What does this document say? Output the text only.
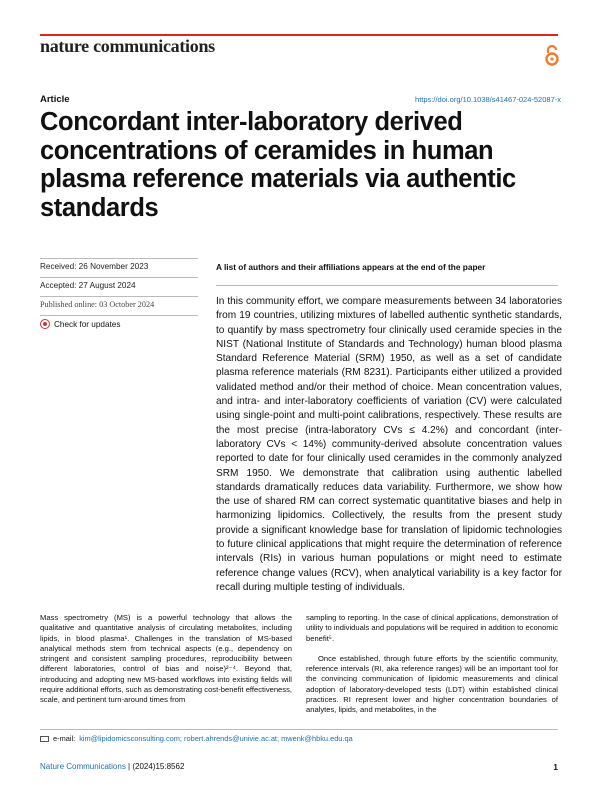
nature communications
Article	https://doi.org/10.1038/s41467-024-52087-x
Concordant inter-laboratory derived concentrations of ceramides in human plasma reference materials via authentic standards
Received: 26 November 2023
Accepted: 27 August 2024
Published online: 03 October 2024
Check for updates
A list of authors and their affiliations appears at the end of the paper
In this community effort, we compare measurements between 34 laboratories from 19 countries, utilizing mixtures of labelled authentic synthetic standards, to quantify by mass spectrometry four clinically used ceramide species in the NIST (National Institute of Standards and Technology) human blood plasma Standard Reference Material (SRM) 1950, as well as a set of candidate plasma reference materials (RM 8231). Participants either utilized a provided validated method and/or their method of choice. Mean concentration values, and intra- and inter-laboratory coefficients of variation (CV) were calculated using single-point and multi-point calibrations, respectively. These results are the most precise (intra-laboratory CVs ≤ 4.2%) and concordant (inter-laboratory CVs < 14%) community-derived absolute concentration values reported to date for four clinically used ceramides in the commonly analyzed SRM 1950. We demonstrate that calibration using authentic labelled standards dramatically reduces data variability. Furthermore, we show how the use of shared RM can correct systematic quantitative biases and help in harmonizing lipidomics. Collectively, the results from the present study provide a significant knowledge base for translation of lipidomic technologies to future clinical applications that might require the determination of reference intervals (RIs) in various human populations or might need to estimate reference change values (RCV), when analytical variability is a key factor for recall during multiple testing of individuals.
Mass spectrometry (MS) is a powerful technology that allows the qualitative and quantitative analysis of circulating metabolites, including lipids, in blood plasma¹. Challenges in the translation of MS-based analytical methods stem from technical aspects (e.g., dependency on stringent and consistent sampling procedures, reproducibility between different laboratories, control of bias and noise)²⁻⁴. Beyond that, introducing and adopting new MS-based workflows into existing fields will require additional efforts, such as demonstrating cost-benefit effectiveness, scale, and pertinent turn-around times from
sampling to reporting. In the case of clinical applications, demonstration of utility to individuals and populations will be required in addition to economic benefit⁵.
Once established, through future efforts by the scientific community, reference intervals (RI, aka reference ranges) will be an important tool for the convincing communication of lipidomic measurements and clinical adoption of laboratory-developed tests (LDT) within established clinical practices. RI represent lower and higher concentration boundaries of analytes, lipids, and metabolites, in the
e-mail: kim@lipidomicsconsulting.com; robert.ahrends@univie.ac.at; mwenk@hbku.edu.qa
Nature Communications | (2024)15:8562	1
